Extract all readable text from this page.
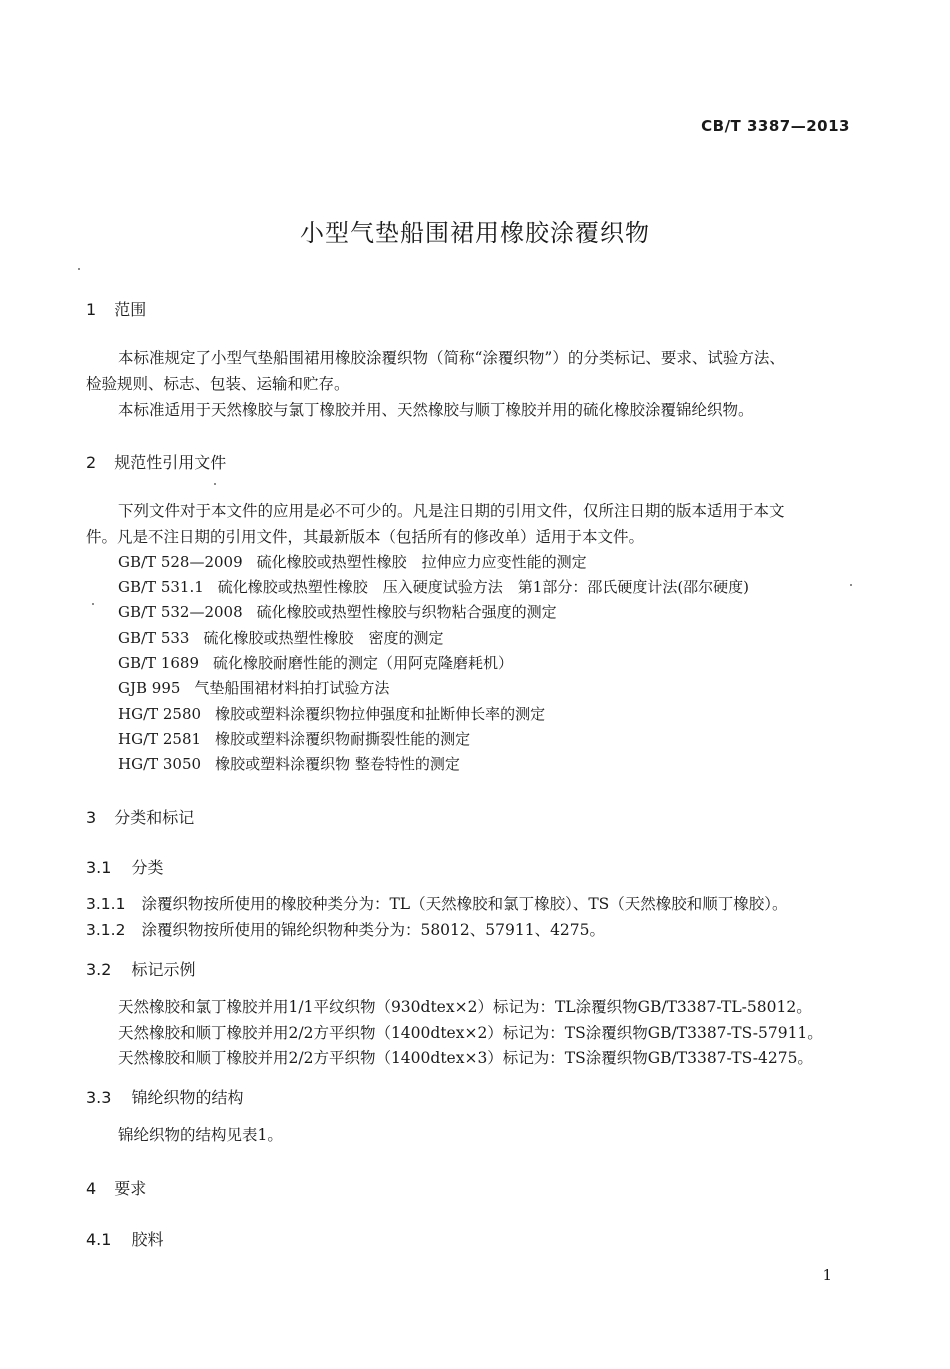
CB/T 3387—2013
小型气垫船围裙用橡胶涂覆织物
1 范围
本标准规定了小型气垫船围裙用橡胶涂覆织物（简称“涂覆织物”）的分类标记、要求、试验方法、
检验规则、标志、包装、运输和贮存。
本标准适用于天然橡胶与氯丁橡胶并用、天然橡胶与顺丁橡胶并用的硫化橡胶涂覆锦纶织物。
2 规范性引用文件
下列文件对于本文件的应用是必不可少的。凡是注日期的引用文件，仅所注日期的版本适用于本文
件。凡是不注日期的引用文件，其最新版本（包括所有的修改单）适用于本文件。
GB/T 528—2009 硫化橡胶或热塑性橡胶　拉伸应力应变性能的测定
GB/T 531.1 硫化橡胶或热塑性橡胶　压入硬度试验方法　第1部分：邵氏硬度计法(邵尔硬度)
GB/T 532—2008 硫化橡胶或热塑性橡胶与织物粘合强度的测定
GB/T 533 硫化橡胶或热塑性橡胶　密度的测定
GB/T 1689 硫化橡胶耐磨性能的测定（用阿克隆磨耗机）
GJB 995 气垫船围裙材料拍打试验方法
HG/T 2580 橡胶或塑料涂覆织物拉伸强度和扯断伸长率的测定
HG/T 2581 橡胶或塑料涂覆织物耐撕裂性能的测定
HG/T 3050 橡胶或塑料涂覆织物 整卷特性的测定
3 分类和标记
3.1 分类
3.1.1 涂覆织物按所使用的橡胶种类分为：TL（天然橡胶和氯丁橡胶）、TS（天然橡胶和顺丁橡胶）。
3.1.2 涂覆织物按所使用的锦纶织物种类分为：58012、57911、4275。
3.2 标记示例
天然橡胶和氯丁橡胶并用1/1平纹织物（930dtex×2）标记为：TL涂覆织物GB/T3387-TL-58012。
天然橡胶和顺丁橡胶并用2/2方平织物（1400dtex×2）标记为：TS涂覆织物GB/T3387-TS-57911。
天然橡胶和顺丁橡胶并用2/2方平织物（1400dtex×3）标记为：TS涂覆织物GB/T3387-TS-4275。
3.3 锦纶织物的结构
锦纶织物的结构见表1。
4 要求
4.1 胶料
1
